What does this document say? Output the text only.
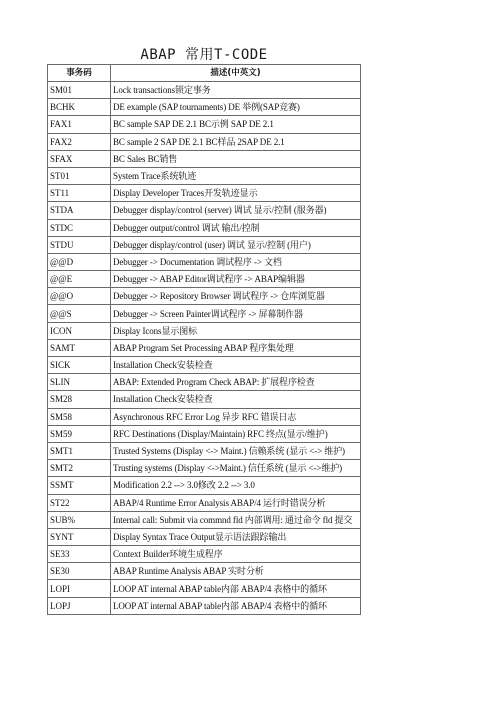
ABAP 常用T-CODE
事务码	描述(中英文)
SM01	Lock transactions锁定事务
BCHK	DE example (SAP tournaments) DE 举例(SAP竞赛)
FAX1	BC sample SAP DE 2.1 BC示例 SAP DE 2.1
FAX2	BC sample 2 SAP DE 2.1 BC样品 2SAP DE 2.1
SFAX	BC Sales BC销售
ST01	System Trace系统轨迹
ST11	Display Developer Traces开发轨迹显示
STDA	Debugger display/control (server) 调试 显示/控制 (服务器)
STDC	Debugger output/control 调试 输出/控制
STDU	Debugger display/control (user) 调试 显示/控制 (用户)
@@D	Debugger -> Documentation 调试程序 -> 文档
@@E	Debugger -> ABAP Editor调试程序 -> ABAP编辑器
@@O	Debugger -> Repository Browser 调试程序 -> 仓库浏览器
@@S	Debugger -> Screen Painter调试程序 -> 屏幕制作器
ICON	Display Icons显示图标
SAMT	ABAP Program Set Processing ABAP 程序集处理
SICK	Installation Check安装检查
SLIN	ABAP: Extended Program Check ABAP: 扩展程序检查
SM28	Installation Check安装检查
SM58	Asynchronous RFC Error Log 异步 RFC 错误日志
SM59	RFC Destinations (Display/Maintain) RFC 终点(显示/维护)
SMT1	Trusted Systems (Display <-> Maint.) 信赖系统 (显示 <-> 维护)
SMT2	Trusting systems (Display <->Maint.) 信任系统 (显示 <->维护)
SSMT	Modification 2.2 --> 3.0修改 2.2 --> 3.0
ST22	ABAP/4 Runtime Error Analysis ABAP/4 运行时错误分析
SUB%	Internal call: Submit via commnd fld 内部调用: 通过命令 fld 提交
SYNT	Display Syntax Trace Output显示语法跟踪输出
SE33	Context Builder环境生成程序
SE30	ABAP Runtime Analysis ABAP 实时分析
LOPI	LOOP AT internal ABAP table内部 ABAP/4 表格中的循环
LOPJ	LOOP AT internal ABAP table内部 ABAP/4 表格中的循环
